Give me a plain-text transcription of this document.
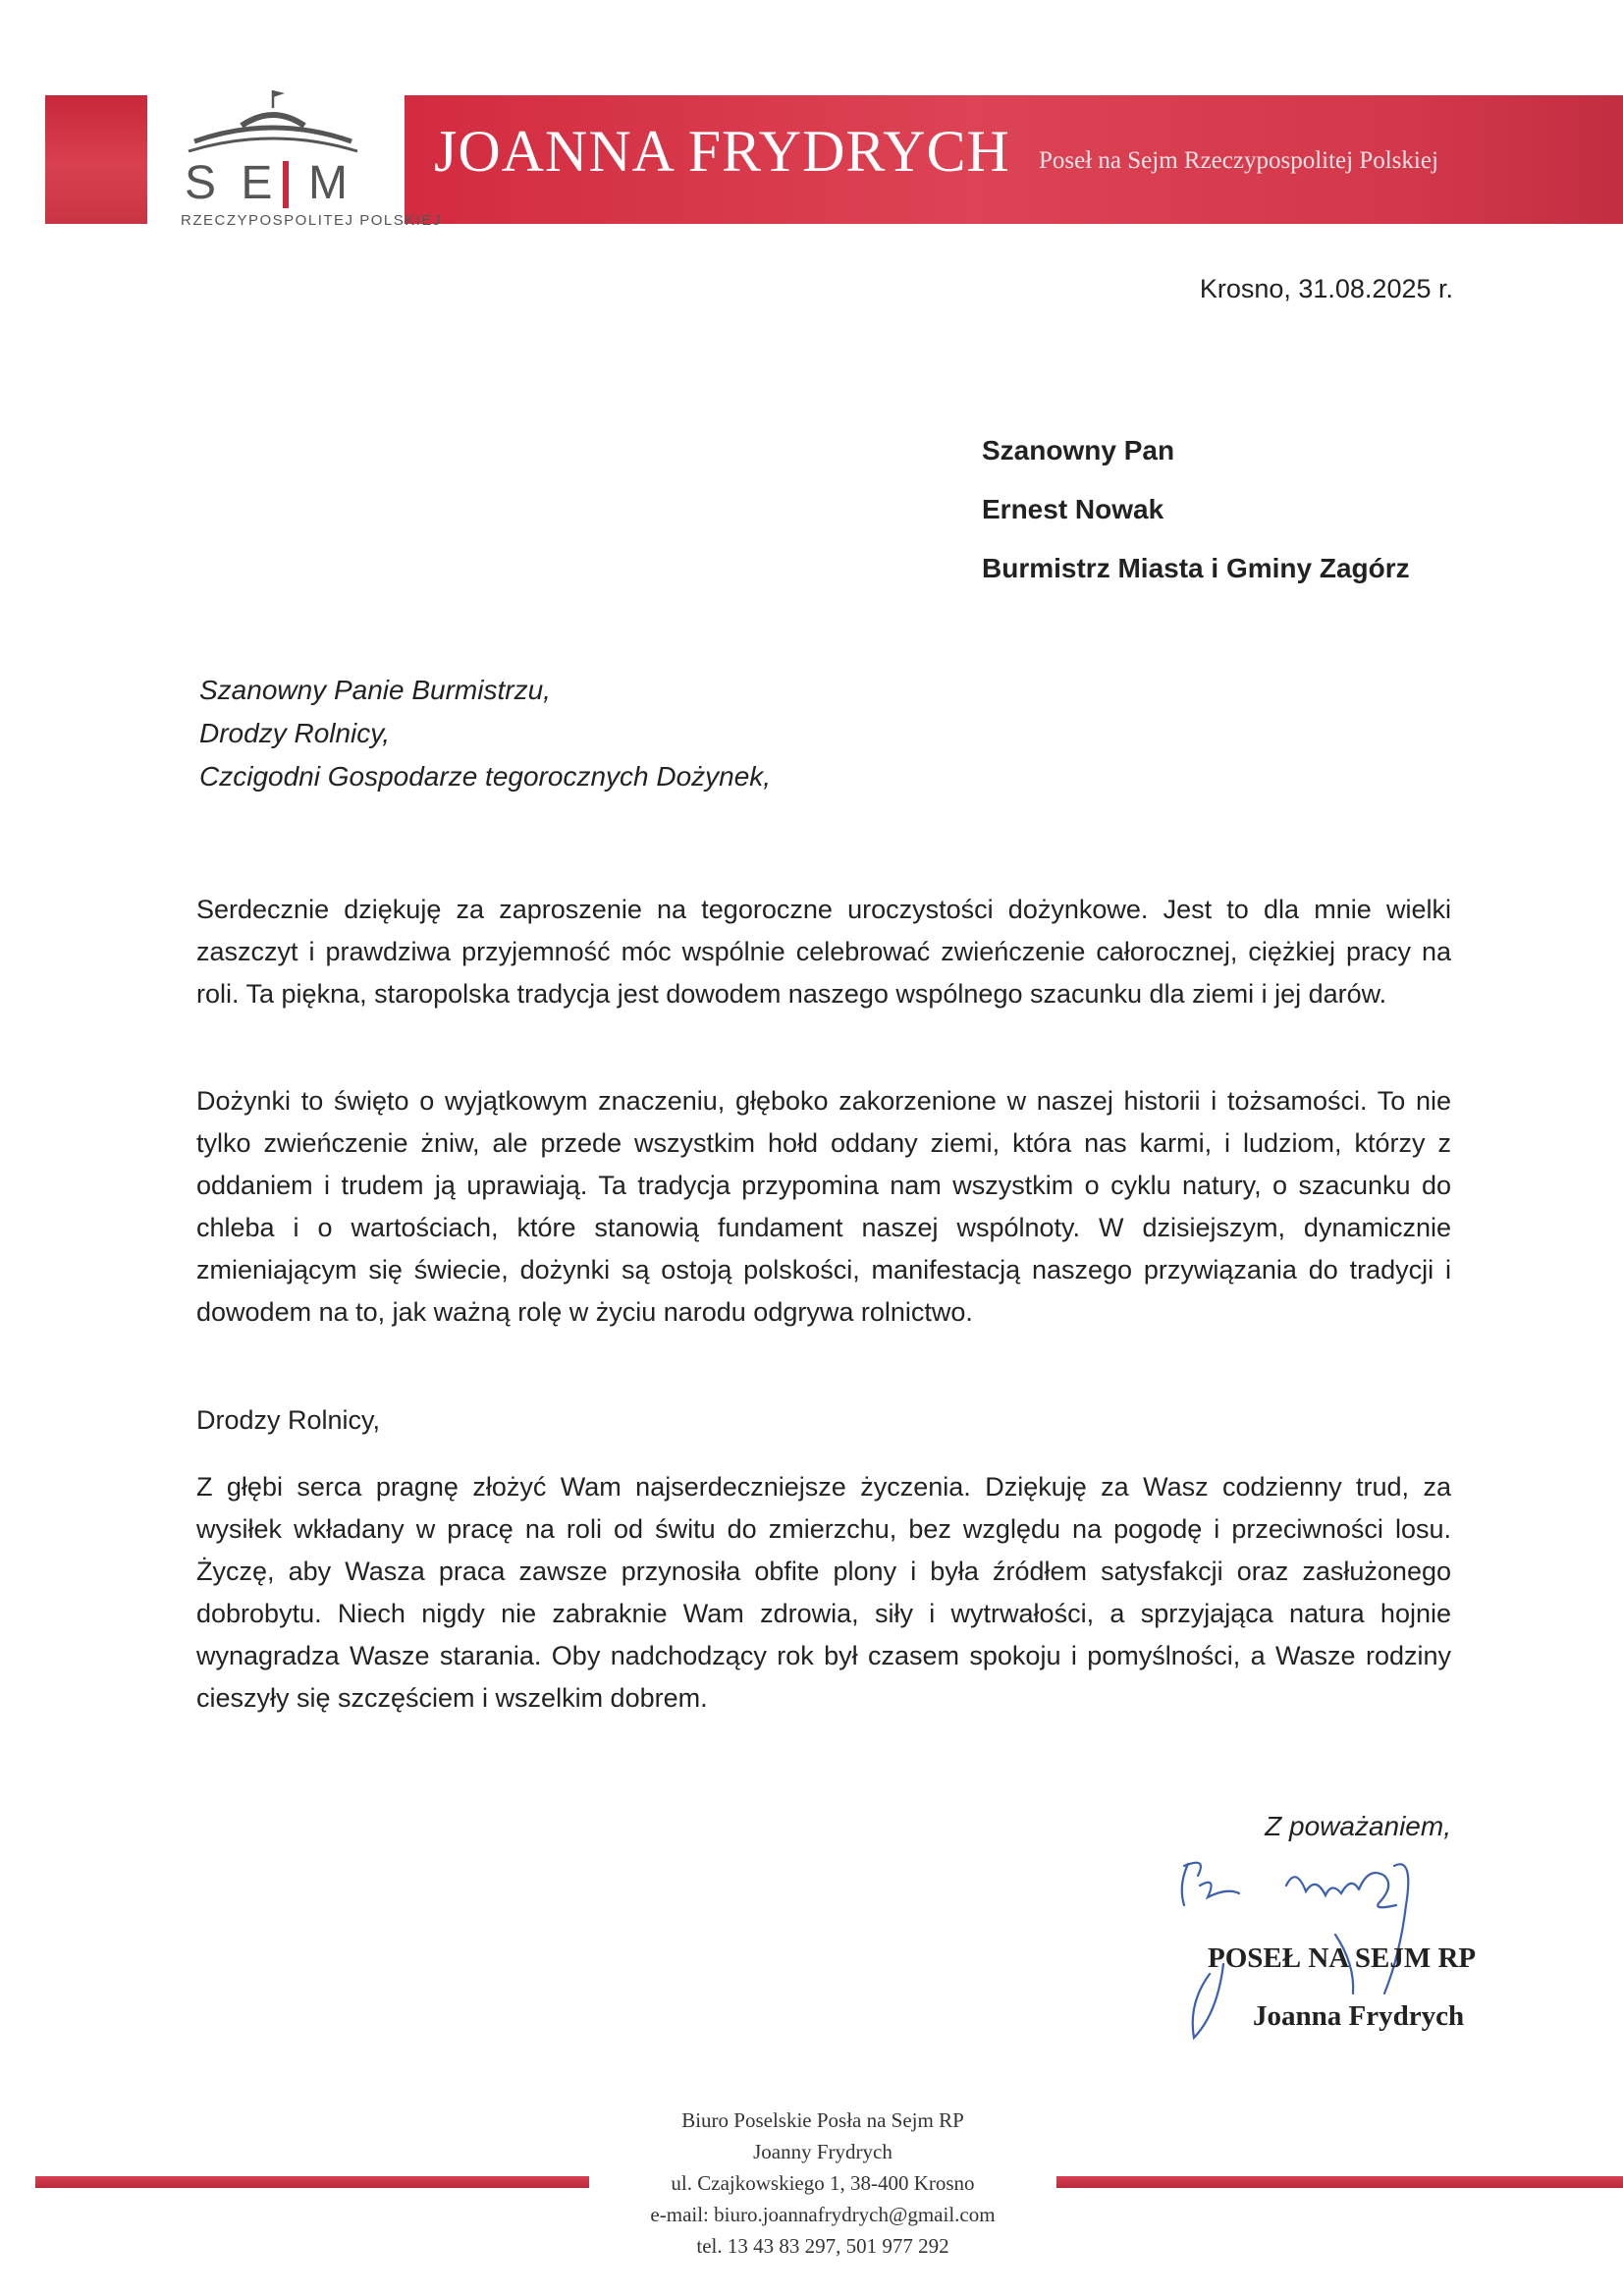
S E M
RZECZYPOSPOLITEJ POLSKIEJ
JOANNA FRYDRYCH Poseł na Sejm Rzeczypospolitej Polskiej
Krosno, 31.08.2025 r.
Szanowny Pan
Ernest Nowak
Burmistrz Miasta i Gminy Zagórz
Szanowny Panie Burmistrzu,
Drodzy Rolnicy,
Czcigodni Gospodarze tegorocznych Dożynek,

Serdecznie dziękuję za zaproszenie na tegoroczne uroczystości dożynkowe. Jest to dla mnie wielki zaszczyt i prawdziwa przyjemność móc wspólnie celebrować zwieńczenie całorocznej, ciężkiej pracy na roli. Ta piękna, staropolska tradycja jest dowodem naszego wspólnego szacunku dla ziemi i jej darów.

Dożynki to święto o wyjątkowym znaczeniu, głęboko zakorzenione w naszej historii i tożsamości. To nie tylko zwieńczenie żniw, ale przede wszystkim hołd oddany ziemi, która nas karmi, i ludziom, którzy z oddaniem i trudem ją uprawiają. Ta tradycja przypomina nam wszystkim o cyklu natury, o szacunku do chleba i o wartościach, które stanowią fundament naszej wspólnoty. W dzisiejszym, dynamicznie zmieniającym się świecie, dożynki są ostoją polskości, manifestacją naszego przywiązania do tradycji i dowodem na to, jak ważną rolę w życiu narodu odgrywa rolnictwo.

Drodzy Rolnicy,

Z głębi serca pragnę złożyć Wam najserdeczniejsze życzenia. Dziękuję za Wasz codzienny trud, za wysiłek wkładany w pracę na roli od świtu do zmierzchu, bez względu na pogodę i przeciwności losu. Życzę, aby Wasza praca zawsze przynosiła obfite plony i była źródłem satysfakcji oraz zasłużonego dobrobytu. Niech nigdy nie zabraknie Wam zdrowia, siły i wytrwałości, a sprzyjająca natura hojnie wynagradza Wasze starania. Oby nadchodzący rok był czasem spokoju i pomyślności, a Wasze rodziny cieszyły się szczęściem i wszelkim dobrem.

Z poważaniem,
POSEŁ NA SEJM RP
Joanna Frydrych
Biuro Poselskie Posła na Sejm RP
Joanny Frydrych
ul. Czajkowskiego 1, 38-400 Krosno
e-mail: biuro.joannafrydrych@gmail.com
tel. 13 43 83 297, 501 977 292
